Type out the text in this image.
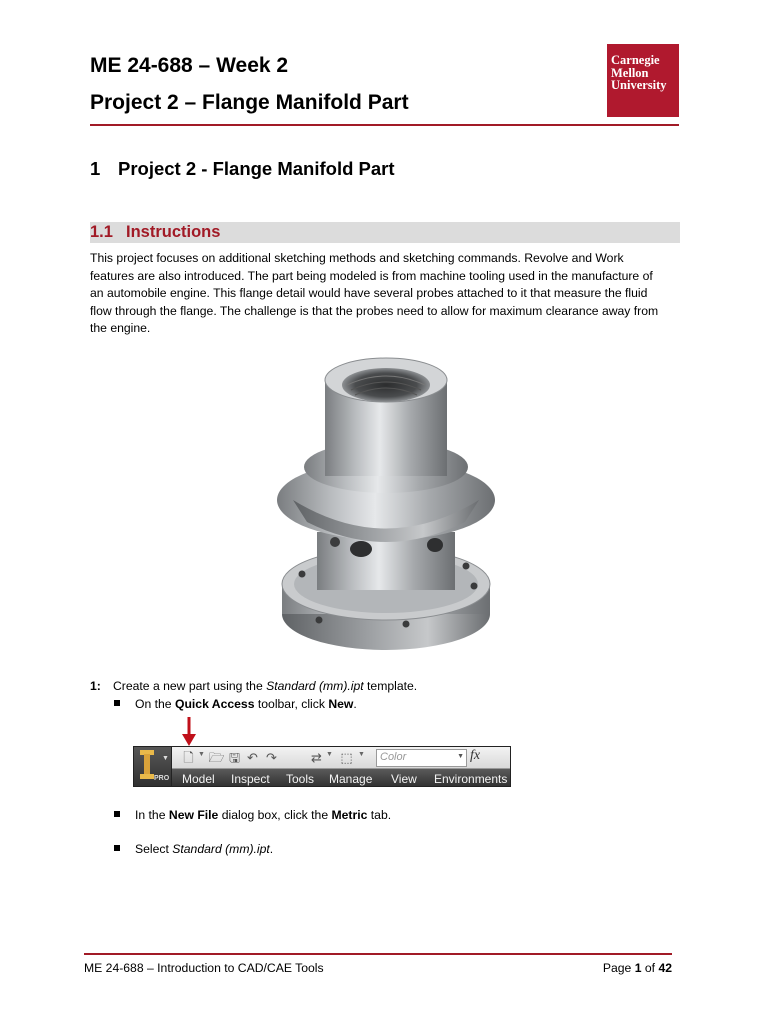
ME 24-688 – Week 2
Project 2 – Flange Manifold Part
Carnegie
Mellon
University
1 Project 2 - Flange Manifold Part
1.1 Instructions
This project focuses on additional sketching methods and sketching commands. Revolve and Work
features are also introduced. The part being modeled is from machine tooling used in the manufacture of
an automobile engine. This flange detail would have several probes attached to it that measure the fluid
flow through the flange. The challenge is that the probes need to allow for maximum clearance away from
the engine.
1: Create a new part using the Standard (mm).ipt template.
On the Quick Access toolbar, click New.
▼
PRO
🗋 ▼ 🗁 🖫 ↶ ↷	⇄ ▼ ⬚ ▼	Color	▼ fx
Model Inspect Tools Manage View Environments
In the New File dialog box, click the Metric tab.
Select Standard (mm).ipt.
ME 24-688 – Introduction to CAD/CAE Tools	Page 1 of 42
